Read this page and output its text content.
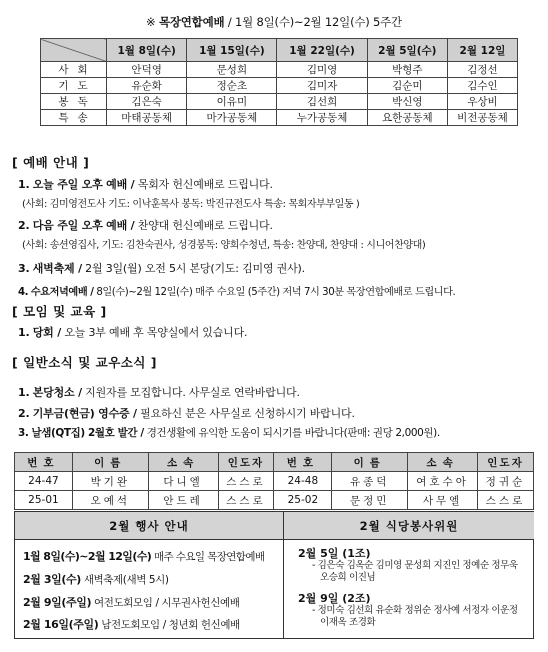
※ 목장연합예배 / 1월 8일(수)~2월 12일(수) 5주간
	1월 8일(수)	1월 15일(수)	1월 22일(수)	2월 5일(수)	2월 12일
사회	안덕영	문성희	김미영	박형주	김정선
기도	유순화	정순초	김미자	김순미	김수인
봉독	김은숙	이유미	김선희	박신영	우상비
특송	마태공동체	마가공동체	누가공동체	요한공동체	비전공동체
[ 예배 안내 ]
1. 오늘 주일 오후 예배 / 목회자 헌신예배로 드립니다.
(사회: 김미영전도사 기도: 이낙훈목사 봉독: 박진규전도사 특송: 목회자부부일동 )
2. 다음 주일 오후 예배 / 찬양대 헌신예배로 드립니다.
(사회: 송션영집사, 기도: 김찬숙권사, 성경봉독: 양희수청년, 특송: 찬양대, 찬양대 : 시니어찬양대)
3. 새벽축제 / 2월 3일(월) 오전 5시 본당(기도: 김미영 권사).
4. 수요저녁예배 / 8일(수)~2월 12일(수) 매주 수요일 (5주간) 저녁 7시 30분 목장연합예배로 드립니다.
[ 모임 및 교육 ]
1. 당회 / 오늘 3부 예배 후 목양실에서 있습니다.
[ 일반소식 및 교우소식 ]
1. 본당청소 / 지원자를 모집합니다. 사무실로 연락바랍니다.
2. 기부금(현금) 영수증 / 필요하신 분은 사무실로 신청하시기 바랍니다.
3. 날샘(QT집) 2월호 발간 / 경건생활에 유익한 도움이 되시기를 바랍니다(판매: 권당 2,000원).
번호	이름	소속	인도자	번호	이름	소속	인도자
24-47	박기완	다니엘	스스로	24-48	유종덕	여호수아	정귀순
25-01	오예석	안드레	스스로	25-02	문정민	사무엘	스스로
2월 행사 안내
1월 8일(수)~2월 12일(수) 매주 수요일 목장연합예배
2월 3일(수) 새벽축제(새벽 5시)
2월 9일(주일) 여전도회모임 / 시무권사헌신예배
2월 16일(주일) 남전도회모임 / 청년회 헌신예배
2월 식당봉사위원
2월 5일 (1조)
- 김은숙 김옥순 김미영 문성희 지진인 정예순 정무욱
오승희 이진님
2월 9일 (2조)
- 정미숙 김선희 유순화 정위순 정사예 서정자 이운정
이재옥 조경화
